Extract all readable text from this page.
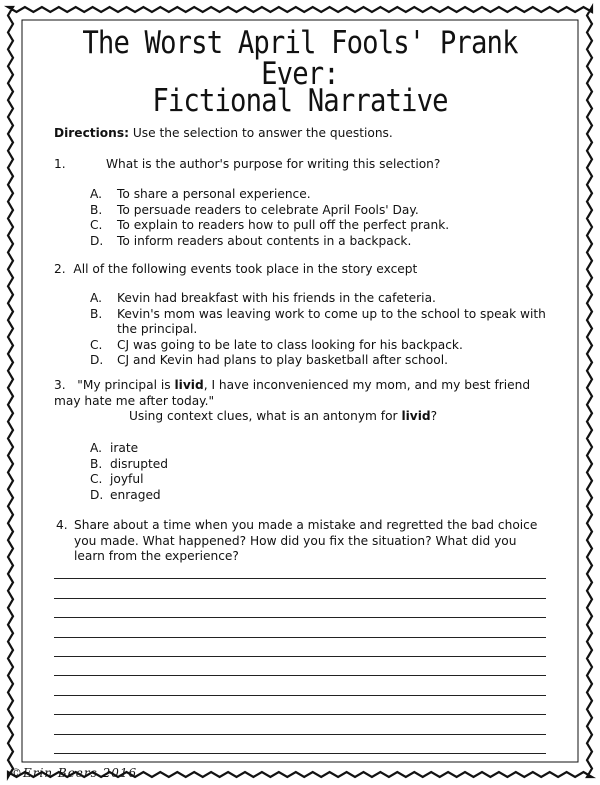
The Worst April Fools' Prank Ever:
Fictional Narrative
Directions: Use the selection to answer the questions.
1.	What is the author's purpose for writing this selection?
A.	To share a personal experience.
B.	To persuade readers to celebrate April Fools' Day.
C.	To explain to readers how to pull off the perfect prank.
D.	To inform readers about contents in a backpack.
2. All of the following events took place in the story except
A.	Kevin had breakfast with his friends in the cafeteria.
B.	Kevin's mom was leaving work to come up to the school to speak with the principal.
C.	CJ was going to be late to class looking for his backpack.
D.	CJ and Kevin had plans to play basketball after school.
3. "My principal is livid, I have inconvenienced my mom, and my best friend may hate me after today."
Using context clues, what is an antonym for livid?
A. irate
B. disrupted
C. joyful
D. enraged
4. Share about a time when you made a mistake and regretted the bad choice you made. What happened? How did you fix the situation? What did you learn from the experience?
©Erin Beers 2016
